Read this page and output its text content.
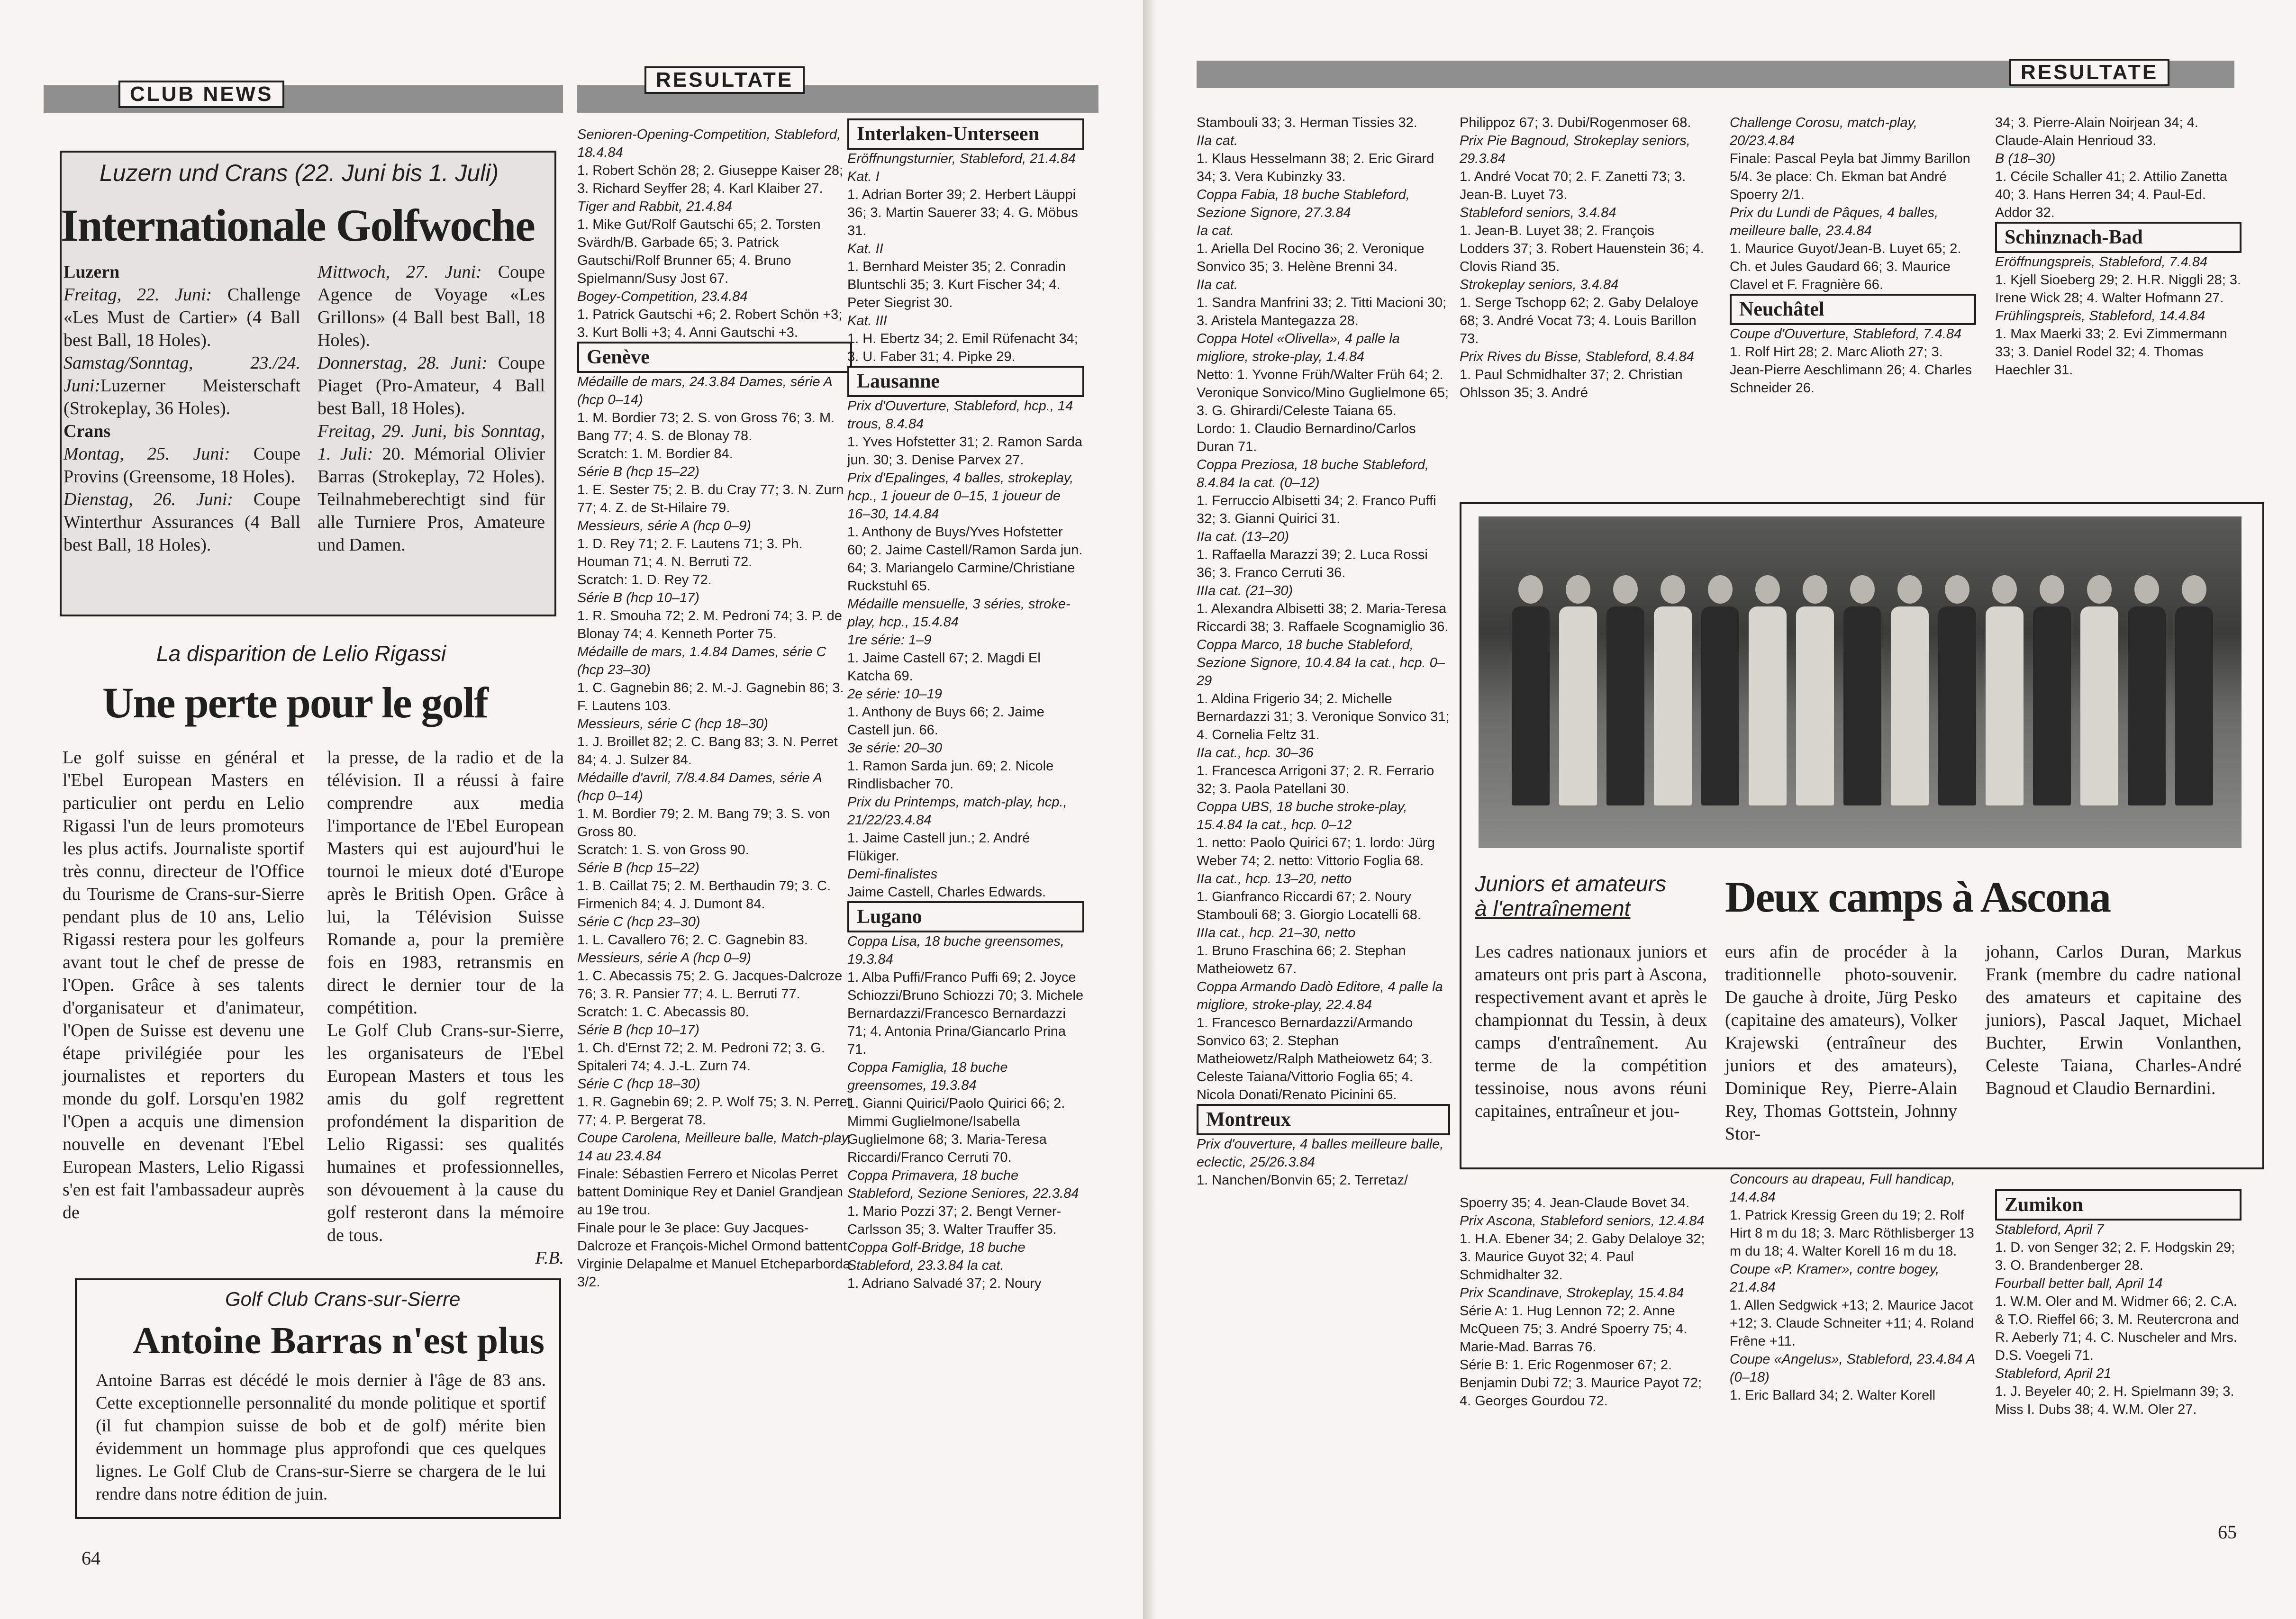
CLUB NEWS
RESULTATE
Luzern und Crans (22. Juni bis 1. Juli)
Internationale Golfwoche

Luzern

Freitag, 22. Juni: Challenge «Les Must de Cartier» (4 Ball best Ball, 18 Holes).

Samstag/Sonntag, 23./24. Juni:Luzerner Meisterschaft (Strokeplay, 36 Holes).

Crans

Montag, 25. Juni: Coupe Provins (Greensome, 18 Holes).

Dienstag, 26. Juni: Coupe Winterthur Assurances (4 Ball best Ball, 18 Holes).

Mittwoch, 27. Juni: Coupe Agence de Voyage «Les Grillons» (4 Ball best Ball, 18 Holes).

Donnerstag, 28. Juni: Coupe Piaget (Pro-Amateur, 4 Ball best Ball, 18 Holes).

Freitag, 29. Juni, bis Sonntag, 1. Juli: 20. Mémorial Olivier Barras (Strokeplay, 72 Holes). Teilnahmeberechtigt sind für alle Turniere Pros, Amateure und Damen.

La disparition de Lelio Rigassi
Une perte pour le golf
Le golf suisse en général et l'Ebel European Masters en particulier ont perdu en Lelio Rigassi l'un de leurs promoteurs les plus actifs. Journaliste sportif très connu, directeur de l'Office du Tourisme de Crans-sur-Sierre pendant plus de 10 ans, Lelio Rigassi restera pour les golfeurs avant tout le chef de presse de l'Open. Grâce à ses talents d'organisateur et d'animateur, l'Open de Suisse est devenu une étape privilégiée pour les journalistes et reporters du monde du golf. Lorsqu'en 1982 l'Open a acquis une dimension nouvelle en devenant l'Ebel European Masters, Lelio Rigassi s'en est fait l'ambassadeur auprès de

la presse, de la radio et de la télévision. Il a réussi à faire comprendre aux media l'importance de l'Ebel European Masters qui est aujourd'hui le tournoi le mieux doté d'Europe après le British Open. Grâce à lui, la Télévision Suisse Romande a, pour la première fois en 1983, retransmis en direct le dernier tour de la compétition.

Le Golf Club Crans-sur-Sierre, les organisateurs de l'Ebel European Masters et tous les amis du golf regrettent profondément la disparition de Lelio Rigassi: ses qualités humaines et professionnelles, son dévouement à la cause du golf resteront dans la mémoire de tous.

F.B.

Golf Club Crans-sur-Sierre
Antoine Barras n'est plus
Antoine Barras est décédé le mois dernier à l'âge de 83 ans. Cette exceptionnelle personnalité du monde politique et sportif (il fut champion suisse de bob et de golf) mérite bien évidemment un hommage plus approfondi que ces quelques lignes. Le Golf Club de Crans-sur-Sierre se chargera de le lui rendre dans notre édition de juin.

Senioren-Opening-Competition, Stableford, 18.4.84

1. Robert Schön 28; 2. Giuseppe Kaiser 28; 3. Richard Seyffer 28; 4. Karl Klaiber 27.

Tiger and Rabbit, 21.4.84

1. Mike Gut/Rolf Gautschi 65; 2. Torsten Svärdh/B. Garbade 65; 3. Patrick Gautschi/Rolf Brunner 65; 4. Bruno Spielmann/Susy Jost 67.

Bogey-Competition, 23.4.84

1. Patrick Gautschi +6; 2. Robert Schön +3; 3. Kurt Bolli +3; 4. Anni Gautschi +3.

Genève

Médaille de mars, 24.3.84 Dames, série A (hcp 0–14)

1. M. Bordier 73; 2. S. von Gross 76; 3. M. Bang 77; 4. S. de Blonay 78.

Scratch: 1. M. Bordier 84.

Série B (hcp 15–22)

1. E. Sester 75; 2. B. du Cray 77; 3. N. Zurn 77; 4. Z. de St-Hilaire 79.

Messieurs, série A (hcp 0–9)

1. D. Rey 71; 2. F. Lautens 71; 3. Ph. Houman 71; 4. N. Berruti 72.

Scratch: 1. D. Rey 72.

Série B (hcp 10–17)

1. R. Smouha 72; 2. M. Pedroni 74; 3. P. de Blonay 74; 4. Kenneth Porter 75.

Médaille de mars, 1.4.84 Dames, série C (hcp 23–30)

1. C. Gagnebin 86; 2. M.-J. Gagnebin 86; 3. F. Lautens 103.

Messieurs, série C (hcp 18–30)

1. J. Broillet 82; 2. C. Bang 83; 3. N. Perret 84; 4. J. Sulzer 84.

Médaille d'avril, 7/8.4.84 Dames, série A (hcp 0–14)

1. M. Bordier 79; 2. M. Bang 79; 3. S. von Gross 80.

Scratch: 1. S. von Gross 90.

Série B (hcp 15–22)

1. B. Caillat 75; 2. M. Berthaudin 79; 3. C. Firmenich 84; 4. J. Dumont 84.

Série C (hcp 23–30)

1. L. Cavallero 76; 2. C. Gagnebin 83.

Messieurs, série A (hcp 0–9)

1. C. Abecassis 75; 2. G. Jacques-Dalcroze 76; 3. R. Pansier 77; 4. L. Berruti 77.

Scratch: 1. C. Abecassis 80.

Série B (hcp 10–17)

1. Ch. d'Ernst 72; 2. M. Pedroni 72; 3. G. Spitaleri 74; 4. J.-L. Zurn 74.

Série C (hcp 18–30)

1. R. Gagnebin 69; 2. P. Wolf 75; 3. N. Perret 77; 4. P. Bergerat 78.

Coupe Carolena, Meilleure balle, Match-play, 14 au 23.4.84

Finale: Sébastien Ferrero et Nicolas Perret battent Dominique Rey et Daniel Grandjean au 19e trou.

Finale pour le 3e place: Guy Jacques-Dalcroze et François-Michel Ormond battent Virginie Delapalme et Manuel Etcheparborda 3/2.

Interlaken-Unterseen

Eröffnungsturnier, Stableford, 21.4.84

Kat. I

1. Adrian Borter 39; 2. Herbert Läuppi 36; 3. Martin Sauerer 33; 4. G. Möbus 31.

Kat. II

1. Bernhard Meister 35; 2. Conradin Bluntschli 35; 3. Kurt Fischer 34; 4. Peter Siegrist 30.

Kat. III

1. H. Ebertz 34; 2. Emil Rüfenacht 34; 3. U. Faber 31; 4. Pipke 29.

Lausanne

Prix d'Ouverture, Stableford, hcp., 14 trous, 8.4.84

1. Yves Hofstetter 31; 2. Ramon Sarda jun. 30; 3. Denise Parvex 27.

Prix d'Epalinges, 4 balles, strokeplay, hcp., 1 joueur de 0–15, 1 joueur de 16–30, 14.4.84

1. Anthony de Buys/Yves Hofstetter 60; 2. Jaime Castell/Ramon Sarda jun. 64; 3. Mariangelo Carmine/Christiane Ruckstuhl 65.

Médaille mensuelle, 3 séries, stroke-play, hcp., 15.4.84

1re série: 1–9

1. Jaime Castell 67; 2. Magdi El Katcha 69.

2e série: 10–19

1. Anthony de Buys 66; 2. Jaime Castell jun. 66.

3e série: 20–30

1. Ramon Sarda jun. 69; 2. Nicole Rindlisbacher 70.

Prix du Printemps, match-play, hcp., 21/22/23.4.84

1. Jaime Castell jun.; 2. André Flükiger.

Demi-finalistes

Jaime Castell, Charles Edwards.

Lugano

Coppa Lisa, 18 buche greensomes, 19.3.84

1. Alba Puffi/Franco Puffi 69; 2. Joyce Schiozzi/Bruno Schiozzi 70; 3. Michele Bernardazzi/Francesco Bernardazzi 71; 4. Antonia Prina/Giancarlo Prina 71.

Coppa Famiglia, 18 buche greensomes, 19.3.84

1. Gianni Quirici/Paolo Quirici 66; 2. Mimmi Guglielmone/Isabella Guglielmone 68; 3. Maria-Teresa Riccardi/Franco Cerruti 70.

Coppa Primavera, 18 buche Stableford, Sezione Seniores, 22.3.84

1. Mario Pozzi 37; 2. Bengt Verner-Carlsson 35; 3. Walter Trauffer 35.

Coppa Golf-Bridge, 18 buche Stableford, 23.3.84 la cat.

1. Adriano Salvadé 37; 2. Noury

64
RESULTATE

Stambouli 33; 3. Herman Tissies 32.

IIa cat.

1. Klaus Hesselmann 38; 2. Eric Girard 34; 3. Vera Kubinzky 33.

Coppa Fabia, 18 buche Stableford, Sezione Signore, 27.3.84

Ia cat.

1. Ariella Del Rocino 36; 2. Veronique Sonvico 35; 3. Helène Brenni 34.

IIa cat.

1. Sandra Manfrini 33; 2. Titti Macioni 30; 3. Aristela Mantegazza 28.

Coppa Hotel «Olivella», 4 palle la migliore, stroke-play, 1.4.84

Netto: 1. Yvonne Früh/Walter Früh 64; 2. Veronique Sonvico/Mino Guglielmone 65; 3. G. Ghirardi/Celeste Taiana 65.

Lordo: 1. Claudio Bernardino/Carlos Duran 71.

Coppa Preziosa, 18 buche Stableford, 8.4.84 Ia cat. (0–12)

1. Ferruccio Albisetti 34; 2. Franco Puffi 32; 3. Gianni Quirici 31.

IIa cat. (13–20)

1. Raffaella Marazzi 39; 2. Luca Rossi 36; 3. Franco Cerruti 36.

IIIa cat. (21–30)

1. Alexandra Albisetti 38; 2. Maria-Teresa Riccardi 38; 3. Raffaele Scognamiglio 36.

Coppa Marco, 18 buche Stableford, Sezione Signore, 10.4.84 Ia cat., hcp. 0–29

1. Aldina Frigerio 34; 2. Michelle Bernardazzi 31; 3. Veronique Sonvico 31; 4. Cornelia Feltz 31.

IIa cat., hcp. 30–36

1. Francesca Arrigoni 37; 2. R. Ferrario 32; 3. Paola Patellani 30.

Coppa UBS, 18 buche stroke-play, 15.4.84 Ia cat., hcp. 0–12

1. netto: Paolo Quirici 67; 1. lordo: Jürg Weber 74; 2. netto: Vittorio Foglia 68.

IIa cat., hcp. 13–20, netto

1. Gianfranco Riccardi 67; 2. Noury Stambouli 68; 3. Giorgio Locatelli 68.

IIIa cat., hcp. 21–30, netto

1. Bruno Fraschina 66; 2. Stephan Matheiowetz 67.

Coppa Armando Dadò Editore, 4 palle la migliore, stroke-play, 22.4.84

1. Francesco Bernardazzi/Armando Sonvico 63; 2. Stephan Matheiowetz/Ralph Matheiowetz 64; 3. Celeste Taiana/Vittorio Foglia 65; 4. Nicola Donati/Renato Picinini 65.

Montreux

Prix d'ouverture, 4 balles meilleure balle, eclectic, 25/26.3.84

1. Nanchen/Bonvin 65; 2. Terretaz/

Philippoz 67; 3. Dubi/Rogenmoser 68.

Prix Pie Bagnoud, Strokeplay seniors, 29.3.84

1. André Vocat 70; 2. F. Zanetti 73; 3. Jean-B. Luyet 73.

Stableford seniors, 3.4.84

1. Jean-B. Luyet 38; 2. François Lodders 37; 3. Robert Hauenstein 36; 4. Clovis Riand 35.

Strokeplay seniors, 3.4.84

1. Serge Tschopp 62; 2. Gaby Delaloye 68; 3. André Vocat 73; 4. Louis Barillon 73.

Prix Rives du Bisse, Stableford, 8.4.84

1. Paul Schmidhalter 37; 2. Christian Ohlsson 35; 3. André

Challenge Corosu, match-play, 20/23.4.84

Finale: Pascal Peyla bat Jimmy Barillon 5/4. 3e place: Ch. Ekman bat André Spoerry 2/1.

Prix du Lundi de Pâques, 4 balles, meilleure balle, 23.4.84

1. Maurice Guyot/Jean-B. Luyet 65; 2. Ch. et Jules Gaudard 66; 3. Maurice Clavel et F. Fragnière 66.

Neuchâtel

Coupe d'Ouverture, Stableford, 7.4.84

1. Rolf Hirt 28; 2. Marc Alioth 27; 3. Jean-Pierre Aeschlimann 26; 4. Charles Schneider 26.

34; 3. Pierre-Alain Noirjean 34; 4. Claude-Alain Henrioud 33.

B (18–30)

1. Cécile Schaller 41; 2. Attilio Zanetta 40; 3. Hans Herren 34; 4. Paul-Ed. Addor 32.

Schinznach-Bad

Eröffnungspreis, Stableford, 7.4.84

1. Kjell Sioeberg 29; 2. H.R. Niggli 28; 3. Irene Wick 28; 4. Walter Hofmann 27.

Frühlingspreis, Stableford, 14.4.84

1. Max Maerki 33; 2. Evi Zimmermann 33; 3. Daniel Rodel 32; 4. Thomas Haechler 31.

Juniors et amateurs
à l'entraînement Deux camps à Ascona
Les cadres nationaux juniors et amateurs ont pris part à Ascona, respectivement avant et après le championnat du Tessin, à deux camps d'entraînement. Au terme de la compétition tessinoise, nous avons réuni capitaines, entraîneur et jou-
eurs afin de procéder à la traditionnelle photo-souvenir. De gauche à droite, Jürg Pesko (capitaine des amateurs), Volker Krajewski (entraîneur des juniors et des amateurs), Dominique Rey, Pierre-Alain Rey, Thomas Gottstein, Johnny Stor-
johann, Carlos Duran, Markus Frank (membre du cadre national des amateurs et capitaine des juniors), Pascal Jaquet, Michael Buchter, Erwin Vonlanthen, Celeste Taiana, Charles-André Bagnoud et Claudio Bernardini.

Spoerry 35; 4. Jean-Claude Bovet 34.

Prix Ascona, Stableford seniors, 12.4.84

1. H.A. Ebener 34; 2. Gaby Delaloye 32; 3. Maurice Guyot 32; 4. Paul Schmidhalter 32.

Prix Scandinave, Strokeplay, 15.4.84

Série A: 1. Hug Lennon 72; 2. Anne McQueen 75; 3. André Spoerry 75; 4. Marie-Mad. Barras 76.

Série B: 1. Eric Rogenmoser 67; 2. Benjamin Dubi 72; 3. Maurice Payot 72; 4. Georges Gourdou 72.

Concours au drapeau, Full handicap, 14.4.84

1. Patrick Kressig Green du 19; 2. Rolf Hirt 8 m du 18; 3. Marc Röthlisberger 13 m du 18; 4. Walter Korell 16 m du 18.

Coupe «P. Kramer», contre bogey, 21.4.84

1. Allen Sedgwick +13; 2. Maurice Jacot +12; 3. Claude Schneiter +11; 4. Roland Frêne +11.

Coupe «Angelus», Stableford, 23.4.84 A (0–18)

1. Eric Ballard 34; 2. Walter Korell

Zumikon

Stableford, April 7

1. D. von Senger 32; 2. F. Hodgskin 29; 3. O. Brandenberger 28.

Fourball better ball, April 14

1. W.M. Oler and M. Widmer 66; 2. C.A. & T.O. Rieffel 66; 3. M. Reutercrona and R. Aeberly 71; 4. C. Nuscheler and Mrs. D.S. Voegeli 71.

Stableford, April 21

1. J. Beyeler 40; 2. H. Spielmann 39; 3. Miss I. Dubs 38; 4. W.M. Oler 27.

65
